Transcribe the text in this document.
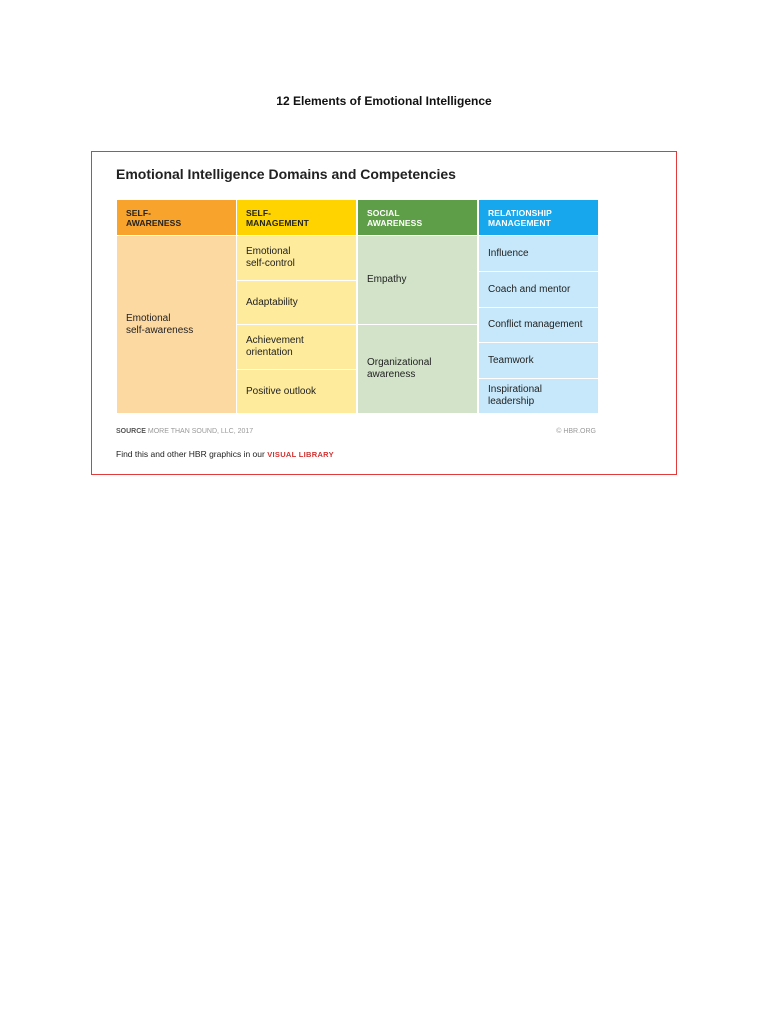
12 Elements of Emotional Intelligence
Emotional Intelligence Domains and Competencies
SELF-
AWARENESS
Emotional
self-awareness
SELF-
MANAGEMENT
Emotional
self-control
Adaptability
Achievement
orientation
Positive outlook
SOCIAL
AWARENESS
Empathy
Organizational
awareness
RELATIONSHIP
MANAGEMENT
Influence
Coach and mentor
Conflict management
Teamwork
Inspirational
leadership
SOURCE MORE THAN SOUND, LLC, 2017	© HBR.ORG
Find this and other HBR graphics in our VISUAL LIBRARY
